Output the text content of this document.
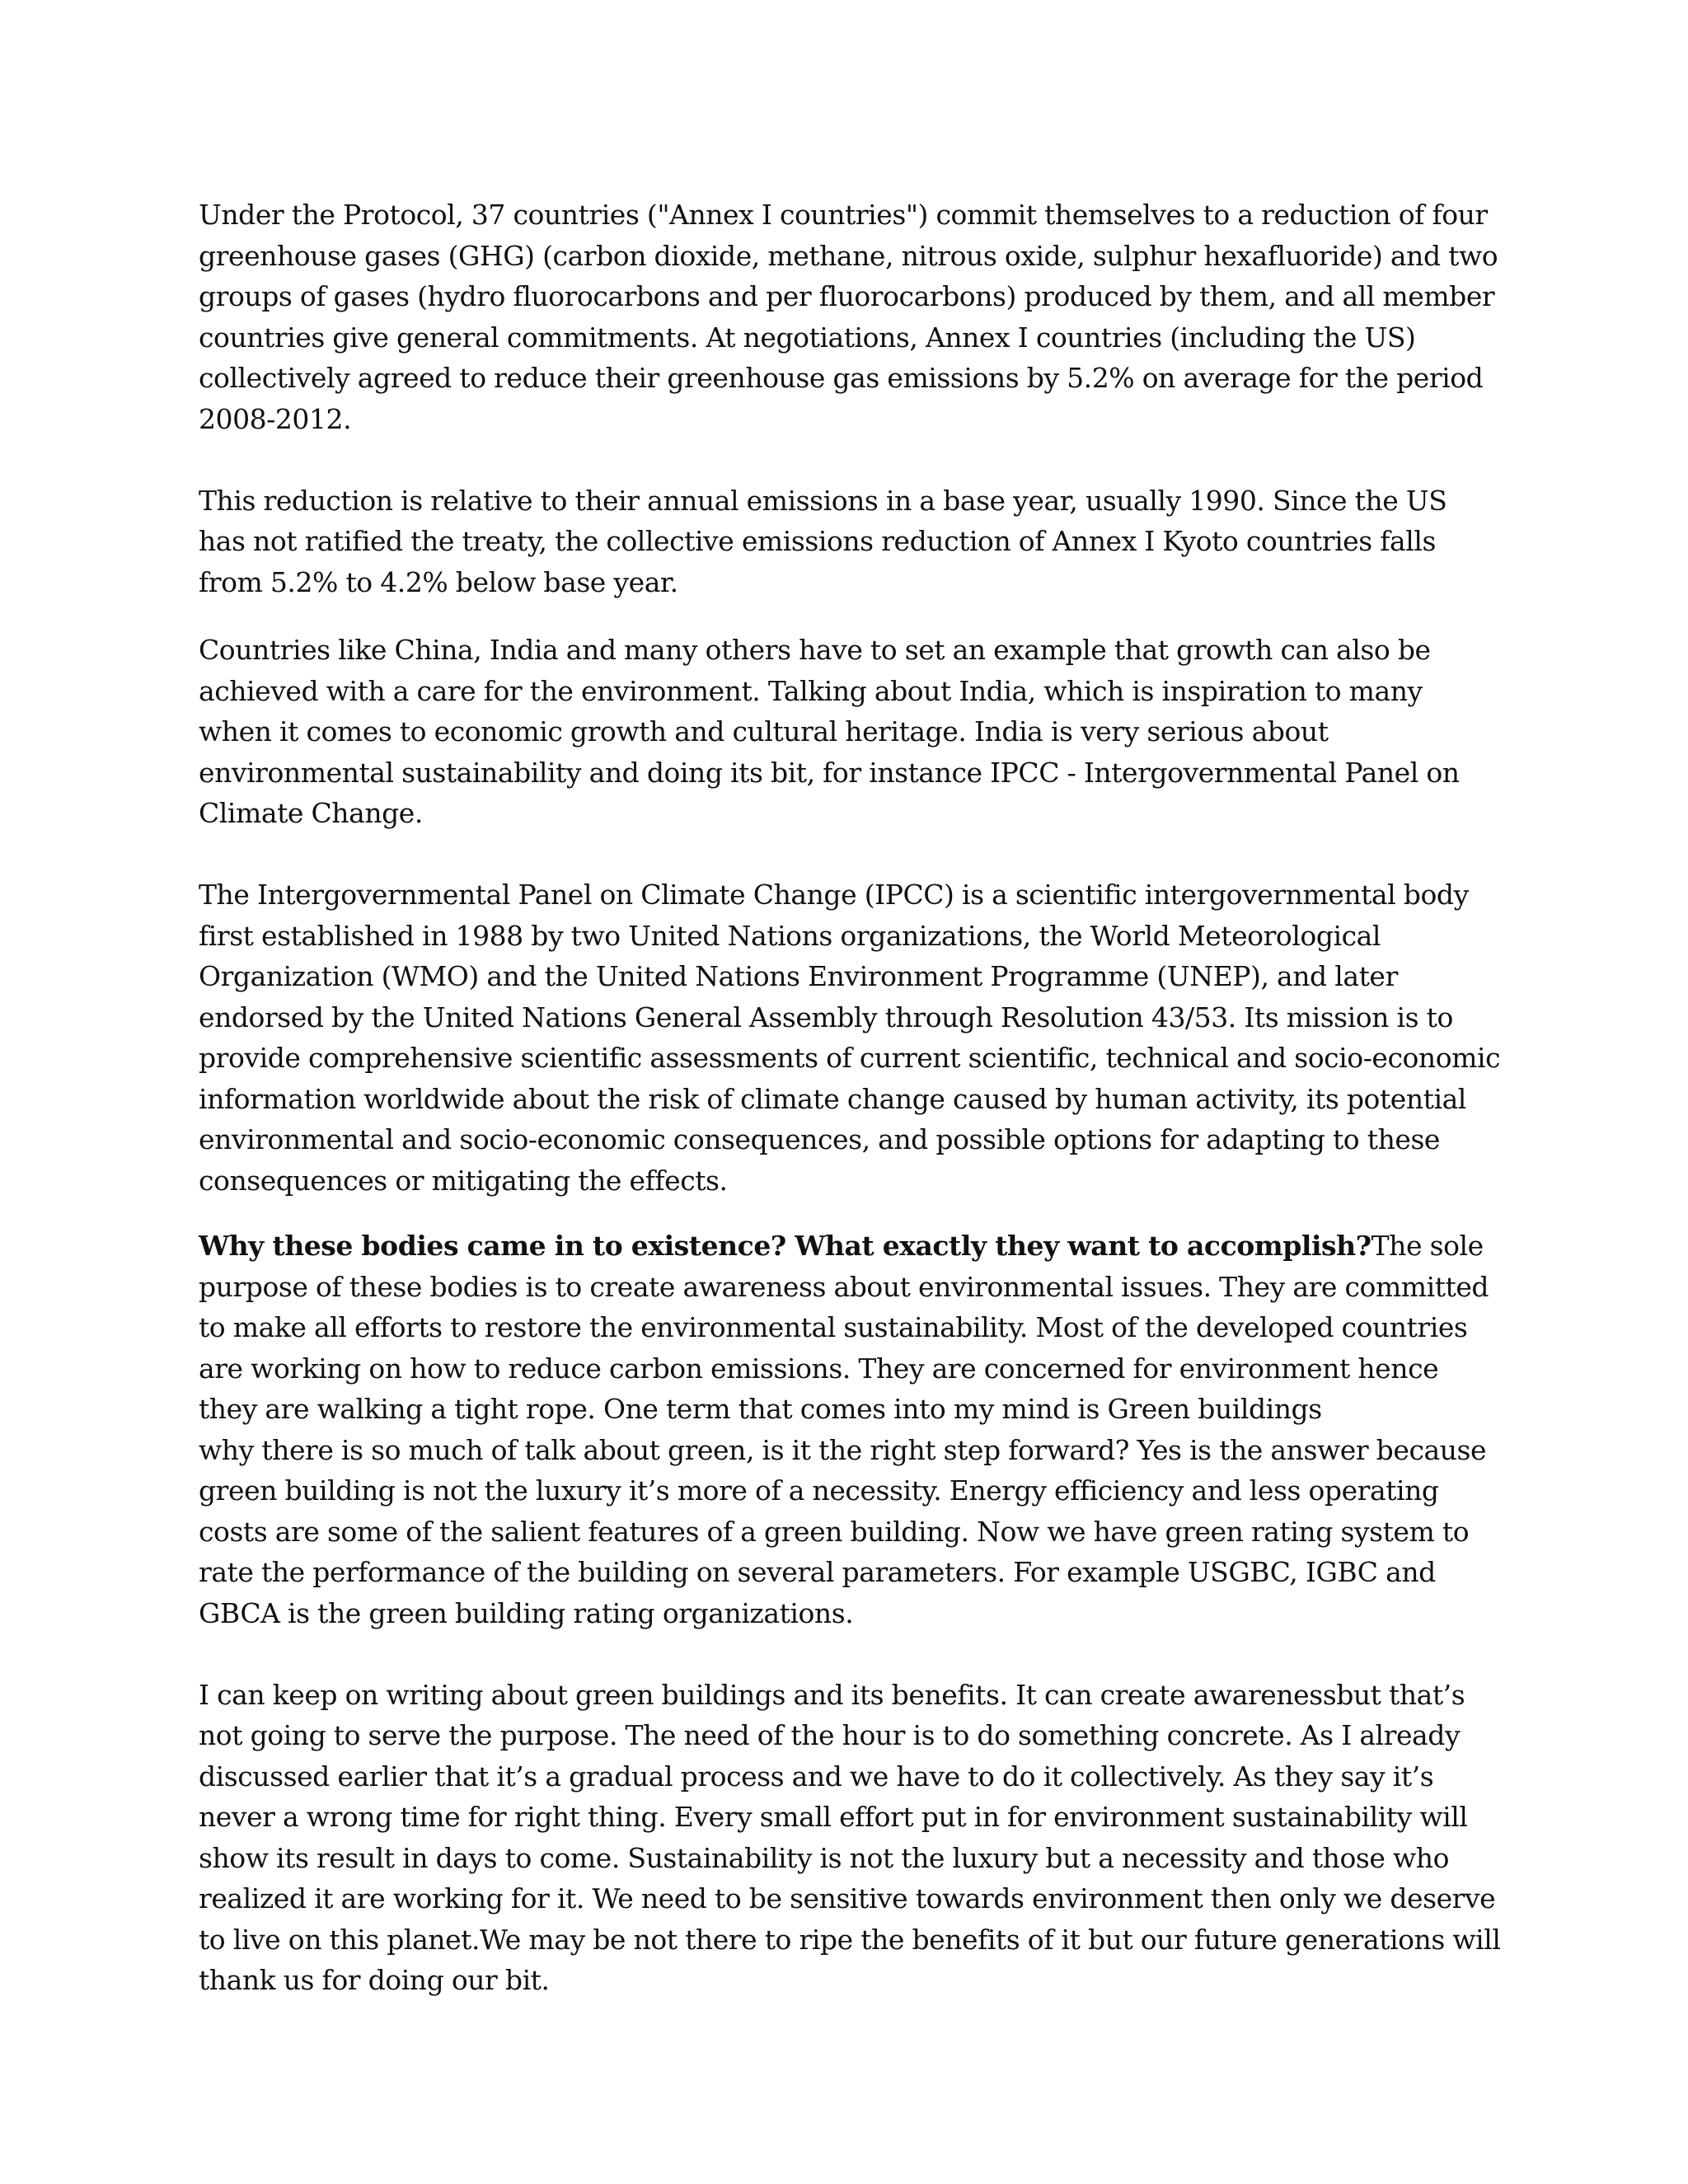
Under the Protocol, 37 countries ("Annex I countries") commit themselves to a reduction of four greenhouse gases (GHG) (carbon dioxide, methane, nitrous oxide, sulphur hexafluoride) and two groups of gases (hydro fluorocarbons and per fluorocarbons) produced by them, and all member countries give general commitments. At negotiations, Annex I countries (including the US) collectively agreed to reduce their greenhouse gas emissions by 5.2% on average for the period 2008-2012.

This reduction is relative to their annual emissions in a base year, usually 1990. Since the US has not ratified the treaty, the collective emissions reduction of Annex I Kyoto countries falls from 5.2% to 4.2% below base year.

Countries like China, India and many others have to set an example that growth can also be achieved with a care for the environment. Talking about India, which is inspiration to many when it comes to economic growth and cultural heritage. India is very serious about environmental sustainability and doing its bit, for instance IPCC - Intergovernmental Panel on Climate Change.

The Intergovernmental Panel on Climate Change (IPCC) is a scientific intergovernmental body first established in 1988 by two United Nations organizations, the World Meteorological Organization (WMO) and the United Nations Environment Programme (UNEP), and later endorsed by the United Nations General Assembly through Resolution 43/53. Its mission is to provide comprehensive scientific assessments of current scientific, technical and socio-economic information worldwide about the risk of climate change caused by human activity, its potential environmental and socio-economic consequences, and possible options for adapting to these consequences or mitigating the effects.

Why these bodies came in to existence? What exactly they want to accomplish?The sole purpose of these bodies is to create awareness about environmental issues. They are committed to make all efforts to restore the environmental sustainability. Most of the developed countries are working on how to reduce carbon emissions. They are concerned for environment hence they are walking a tight rope. One term that comes into my mind is Green buildings
why there is so much of talk about green, is it the right step forward? Yes is the answer because green building is not the luxury it’s more of a necessity. Energy efficiency and less operating costs are some of the salient features of a green building. Now we have green rating system to rate the performance of the building on several parameters. For example USGBC, IGBC and GBCA is the green building rating organizations.

I can keep on writing about green buildings and its benefits. It can create awarenessbut that’s not going to serve the purpose. The need of the hour is to do something concrete. As I already discussed earlier that it’s a gradual process and we have to do it collectively. As they say it’s never a wrong time for right thing. Every small effort put in for environment sustainability will show its result in days to come. Sustainability is not the luxury but a necessity and those who realized it are working for it. We need to be sensitive towards environment then only we deserve to live on this planet.We may be not there to ripe the benefits of it but our future generations will thank us for doing our bit.
